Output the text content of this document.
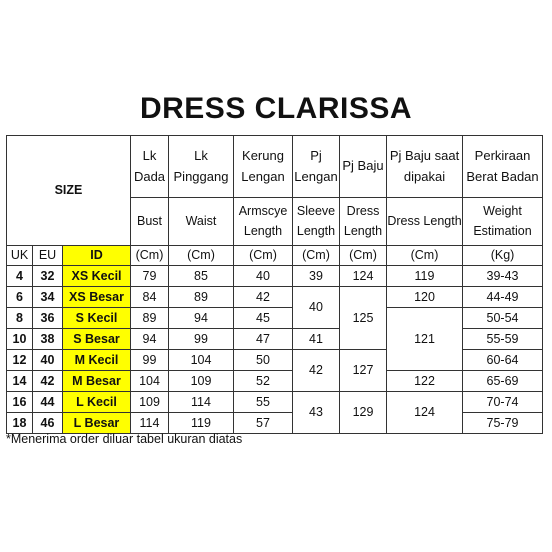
DRESS CLARISSA
SIZE			Lk Dada	Lk Pinggang	Kerung Lengan	Pj Lengan	Pj Baju	Pj Baju saat dipakai	Perkiraan Berat Badan
			Bust	Waist	Armscye Length	Sleeve Length	Dress Length	Dress Length	Weight Estimation
UK	EU	ID	(Cm)	(Cm)	(Cm)	(Cm)	(Cm)	(Cm)	(Kg)
4	32	XS Kecil	79	85	40	39	124	119	39-43
6	34	XS Besar	84	89	42	40	125	120	44-49
8	36	S Kecil	89	94	45			121	50-54
10	38	S Besar	94	99	47	41			55-59
12	40	M Kecil	99	104	50	42	127		60-64
14	42	M Besar	104	109	52			122	65-69
16	44	L Kecil	109	114	55	43	129	124	70-74
18	46	L Besar	114	119	57				75-79
*Menerima order diluar tabel ukuran diatas
